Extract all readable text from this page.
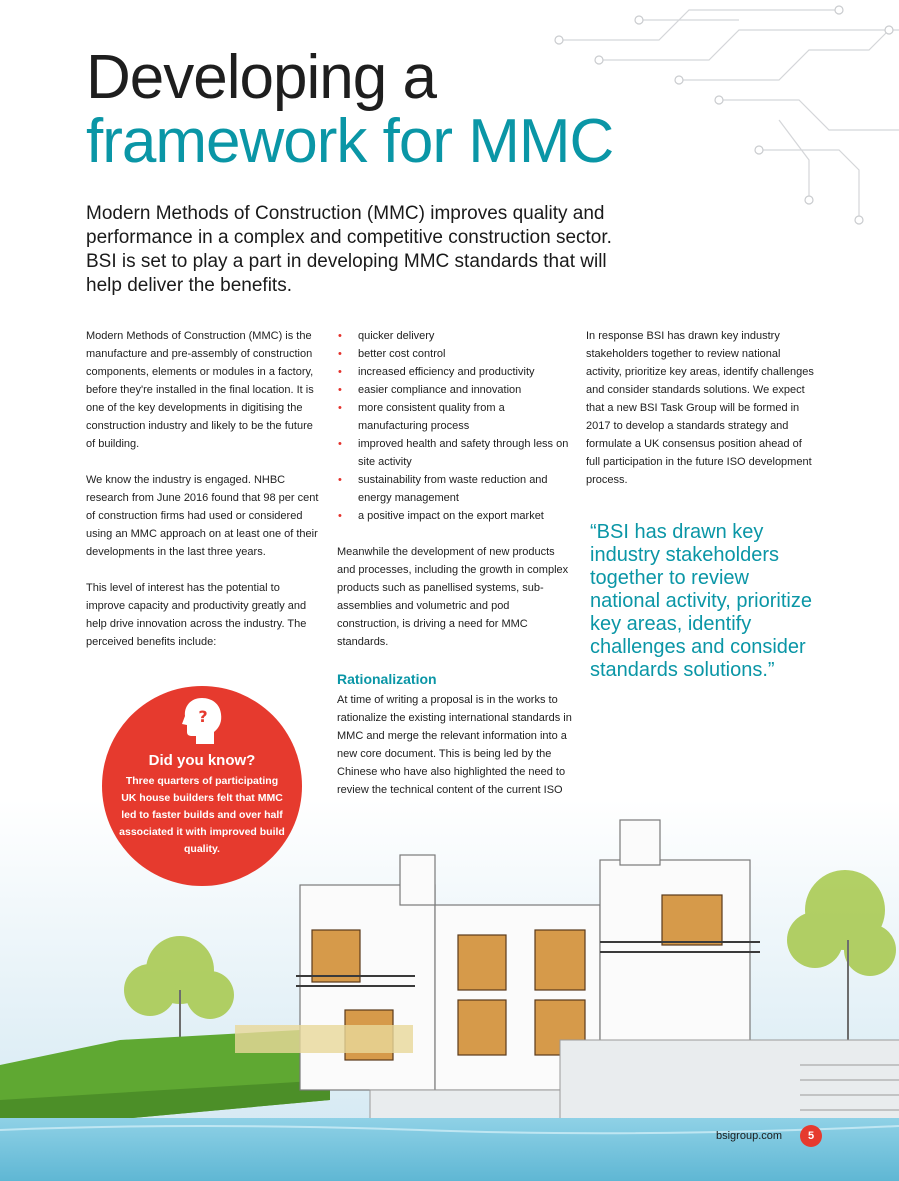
Developing a
framework for MMC

Modern Methods of Construction (MMC) improves quality and performance in a complex and competitive construction sector. BSI is set to play a part in developing MMC standards that will help deliver the benefits.

Modern Methods of Construction (MMC) is the manufacture and pre-assembly of construction components, elements or modules in a factory, before they're installed in the final location. It is one of the key developments in digitising the construction industry and likely to be the future of building.

We know the industry is engaged. NHBC research from June 2016 found that 98 per cent of construction firms had used or considered using an MMC approach on at least one of their developments in the last three years.

This level of interest has the potential to improve capacity and productivity greatly and help drive innovation across the industry. The perceived benefits include:

• quicker delivery
• better cost control
• increased efficiency and productivity
• easier compliance and innovation
• more consistent quality from a manufacturing process
• improved health and safety through less on site activity
• sustainability from waste reduction and energy management
• a positive impact on the export market

Meanwhile the development of new products and processes, including the growth in complex products such as panellised systems, sub-assemblies and volumetric and pod construction, is driving a need for MMC standards.

Rationalization

At time of writing a proposal is in the works to rationalize the existing international standards in MMC and merge the relevant information into a new core document. This is being led by the Chinese who have also highlighted the need to review the technical content of the current ISO

In response BSI has drawn key industry stakeholders together to review national activity, prioritize key areas, identify challenges and consider standards solutions. We expect that a new BSI Task Group will be formed in 2017 to develop a standards strategy and formulate a UK consensus position ahead of full participation in the future ISO development process.

“BSI has drawn key industry stakeholders together to review national activity, prioritize key areas, identify challenges and consider standards solutions.”

?
Did you know?

Three quarters of participating UK house builders felt that MMC led to faster builds and over half associated it with improved build quality.

bsigroup.com	5
